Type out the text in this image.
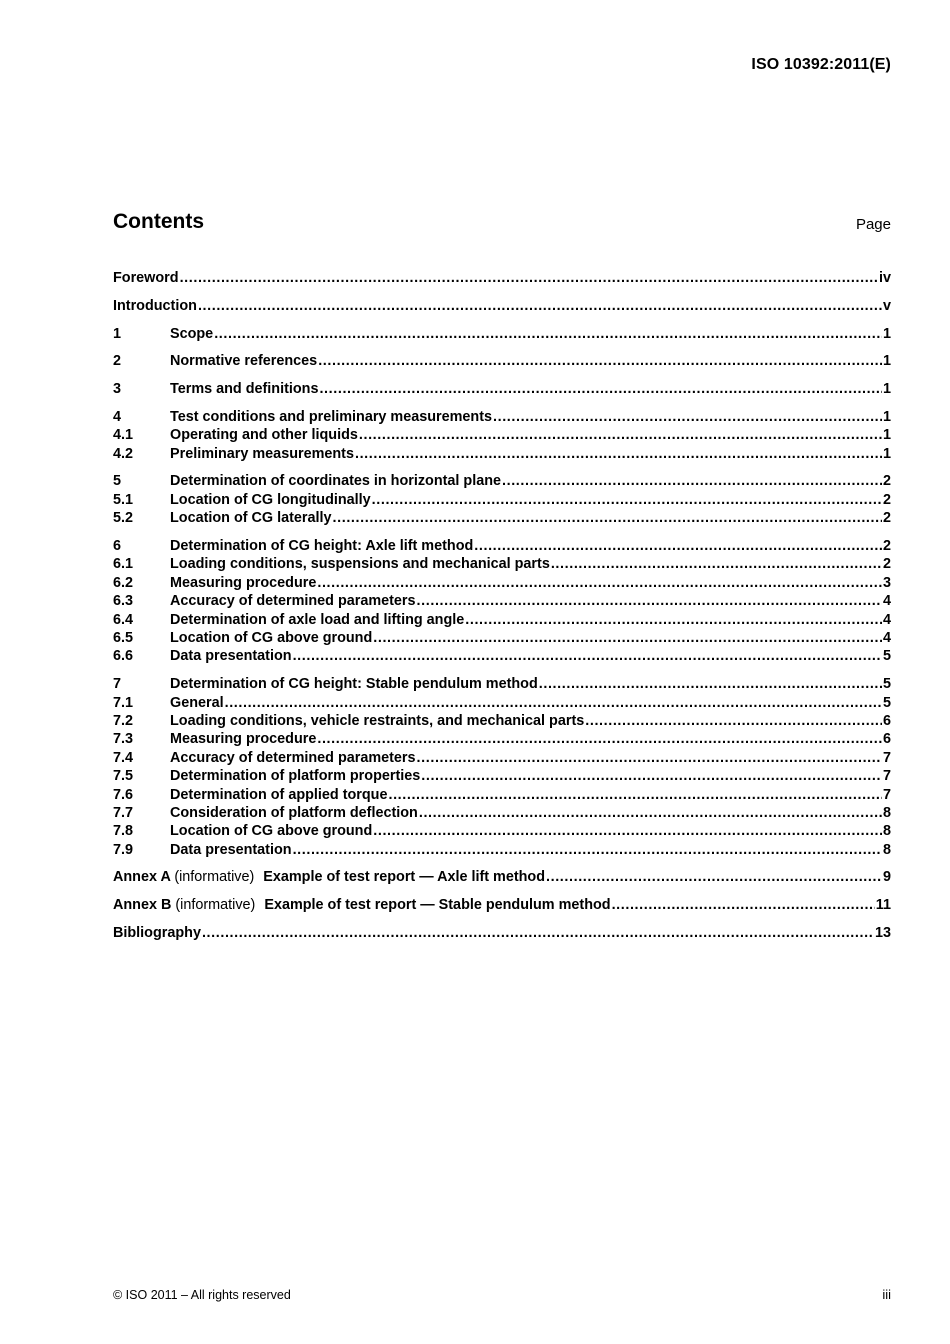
ISO 10392:2011(E)
Contents	Page
Foreword .....	iv
Introduction .....	v
1	Scope .....	1
2	Normative references .....	1
3	Terms and definitions .....	1
4	Test conditions and preliminary measurements .....	1
4.1	Operating and other liquids .....	1
4.2	Preliminary measurements .....	1
5	Determination of coordinates in horizontal plane .....	2
5.1	Location of CG longitudinally .....	2
5.2	Location of CG laterally .....	2
6	Determination of CG height: Axle lift method .....	2
6.1	Loading conditions, suspensions and mechanical parts .....	2
6.2	Measuring procedure .....	3
6.3	Accuracy of determined parameters .....	4
6.4	Determination of axle load and lifting angle .....	4
6.5	Location of CG above ground .....	4
6.6	Data presentation .....	5
7	Determination of CG height: Stable pendulum method .....	5
7.1	General .....	5
7.2	Loading conditions, vehicle restraints, and mechanical parts .....	6
7.3	Measuring procedure .....	6
7.4	Accuracy of determined parameters .....	7
7.5	Determination of platform properties .....	7
7.6	Determination of applied torque .....	7
7.7	Consideration of platform deflection .....	8
7.8	Location of CG above ground .....	8
7.9	Data presentation .....	8
Annex A (informative) Example of test report — Axle lift method .....	9
Annex B (informative) Example of test report — Stable pendulum method .....	11
Bibliography .....	13
© ISO 2011 – All rights reserved	iii
